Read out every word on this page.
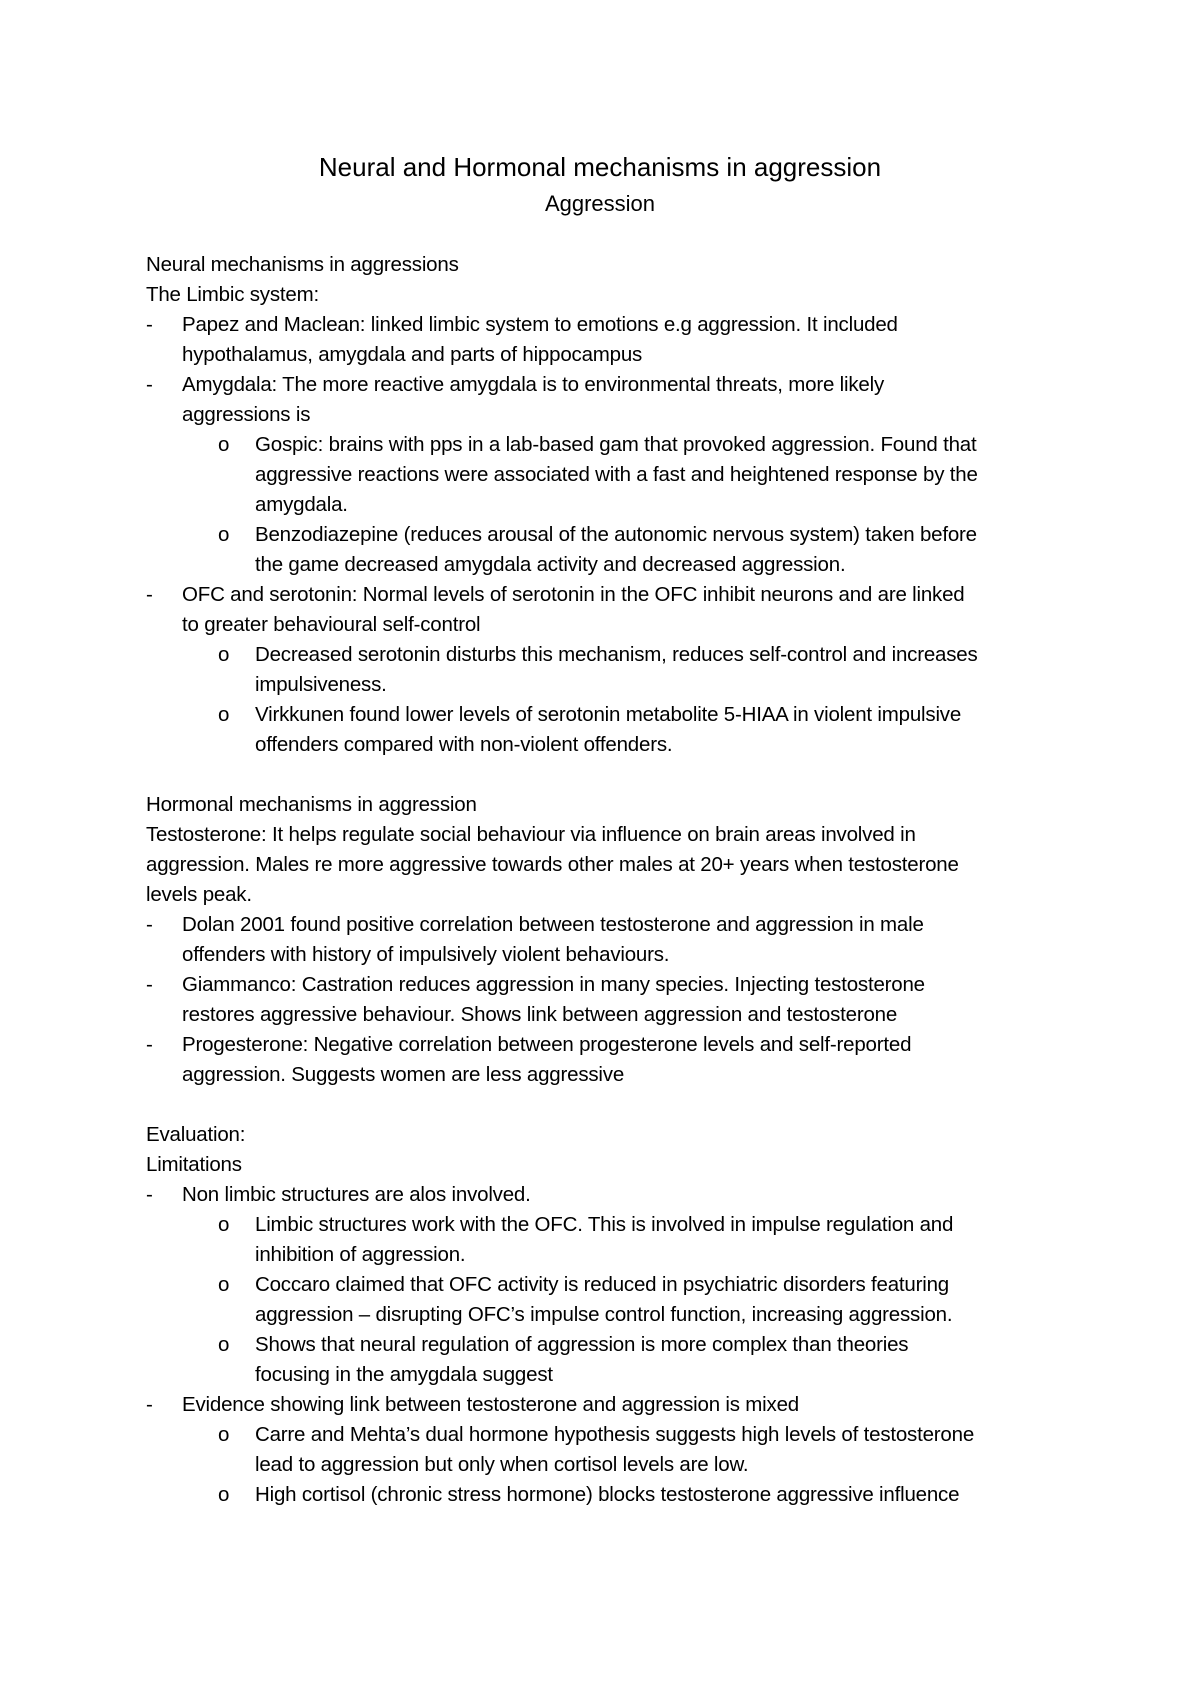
Neural and Hormonal mechanisms in aggression
Aggression
Neural mechanisms in aggressions
The Limbic system:
- Papez and Maclean: linked limbic system to emotions e.g aggression. It included
hypothalamus, amygdala and parts of hippocampus
- Amygdala: The more reactive amygdala is to environmental threats, more likely
aggressions is
o Gospic: brains with pps in a lab-based gam that provoked aggression. Found that
aggressive reactions were associated with a fast and heightened response by the
amygdala.
o Benzodiazepine (reduces arousal of the autonomic nervous system) taken before
the game decreased amygdala activity and decreased aggression.
- OFC and serotonin: Normal levels of serotonin in the OFC inhibit neurons and are linked
to greater behavioural self-control
o Decreased serotonin disturbs this mechanism, reduces self-control and increases
impulsiveness.
o Virkkunen found lower levels of serotonin metabolite 5-HIAA in violent impulsive
offenders compared with non-violent offenders.
Hormonal mechanisms in aggression
Testosterone: It helps regulate social behaviour via influence on brain areas involved in
aggression. Males re more aggressive towards other males at 20+ years when testosterone
levels peak.
- Dolan 2001 found positive correlation between testosterone and aggression in male
offenders with history of impulsively violent behaviours.
- Giammanco: Castration reduces aggression in many species. Injecting testosterone
restores aggressive behaviour. Shows link between aggression and testosterone
- Progesterone: Negative correlation between progesterone levels and self-reported
aggression. Suggests women are less aggressive
Evaluation:
Limitations
- Non limbic structures are alos involved.
o Limbic structures work with the OFC. This is involved in impulse regulation and
inhibition of aggression.
o Coccaro claimed that OFC activity is reduced in psychiatric disorders featuring
aggression – disrupting OFC’s impulse control function, increasing aggression.
o Shows that neural regulation of aggression is more complex than theories
focusing in the amygdala suggest
- Evidence showing link between testosterone and aggression is mixed
o Carre and Mehta’s dual hormone hypothesis suggests high levels of testosterone
lead to aggression but only when cortisol levels are low.
o High cortisol (chronic stress hormone) blocks testosterone aggressive influence
